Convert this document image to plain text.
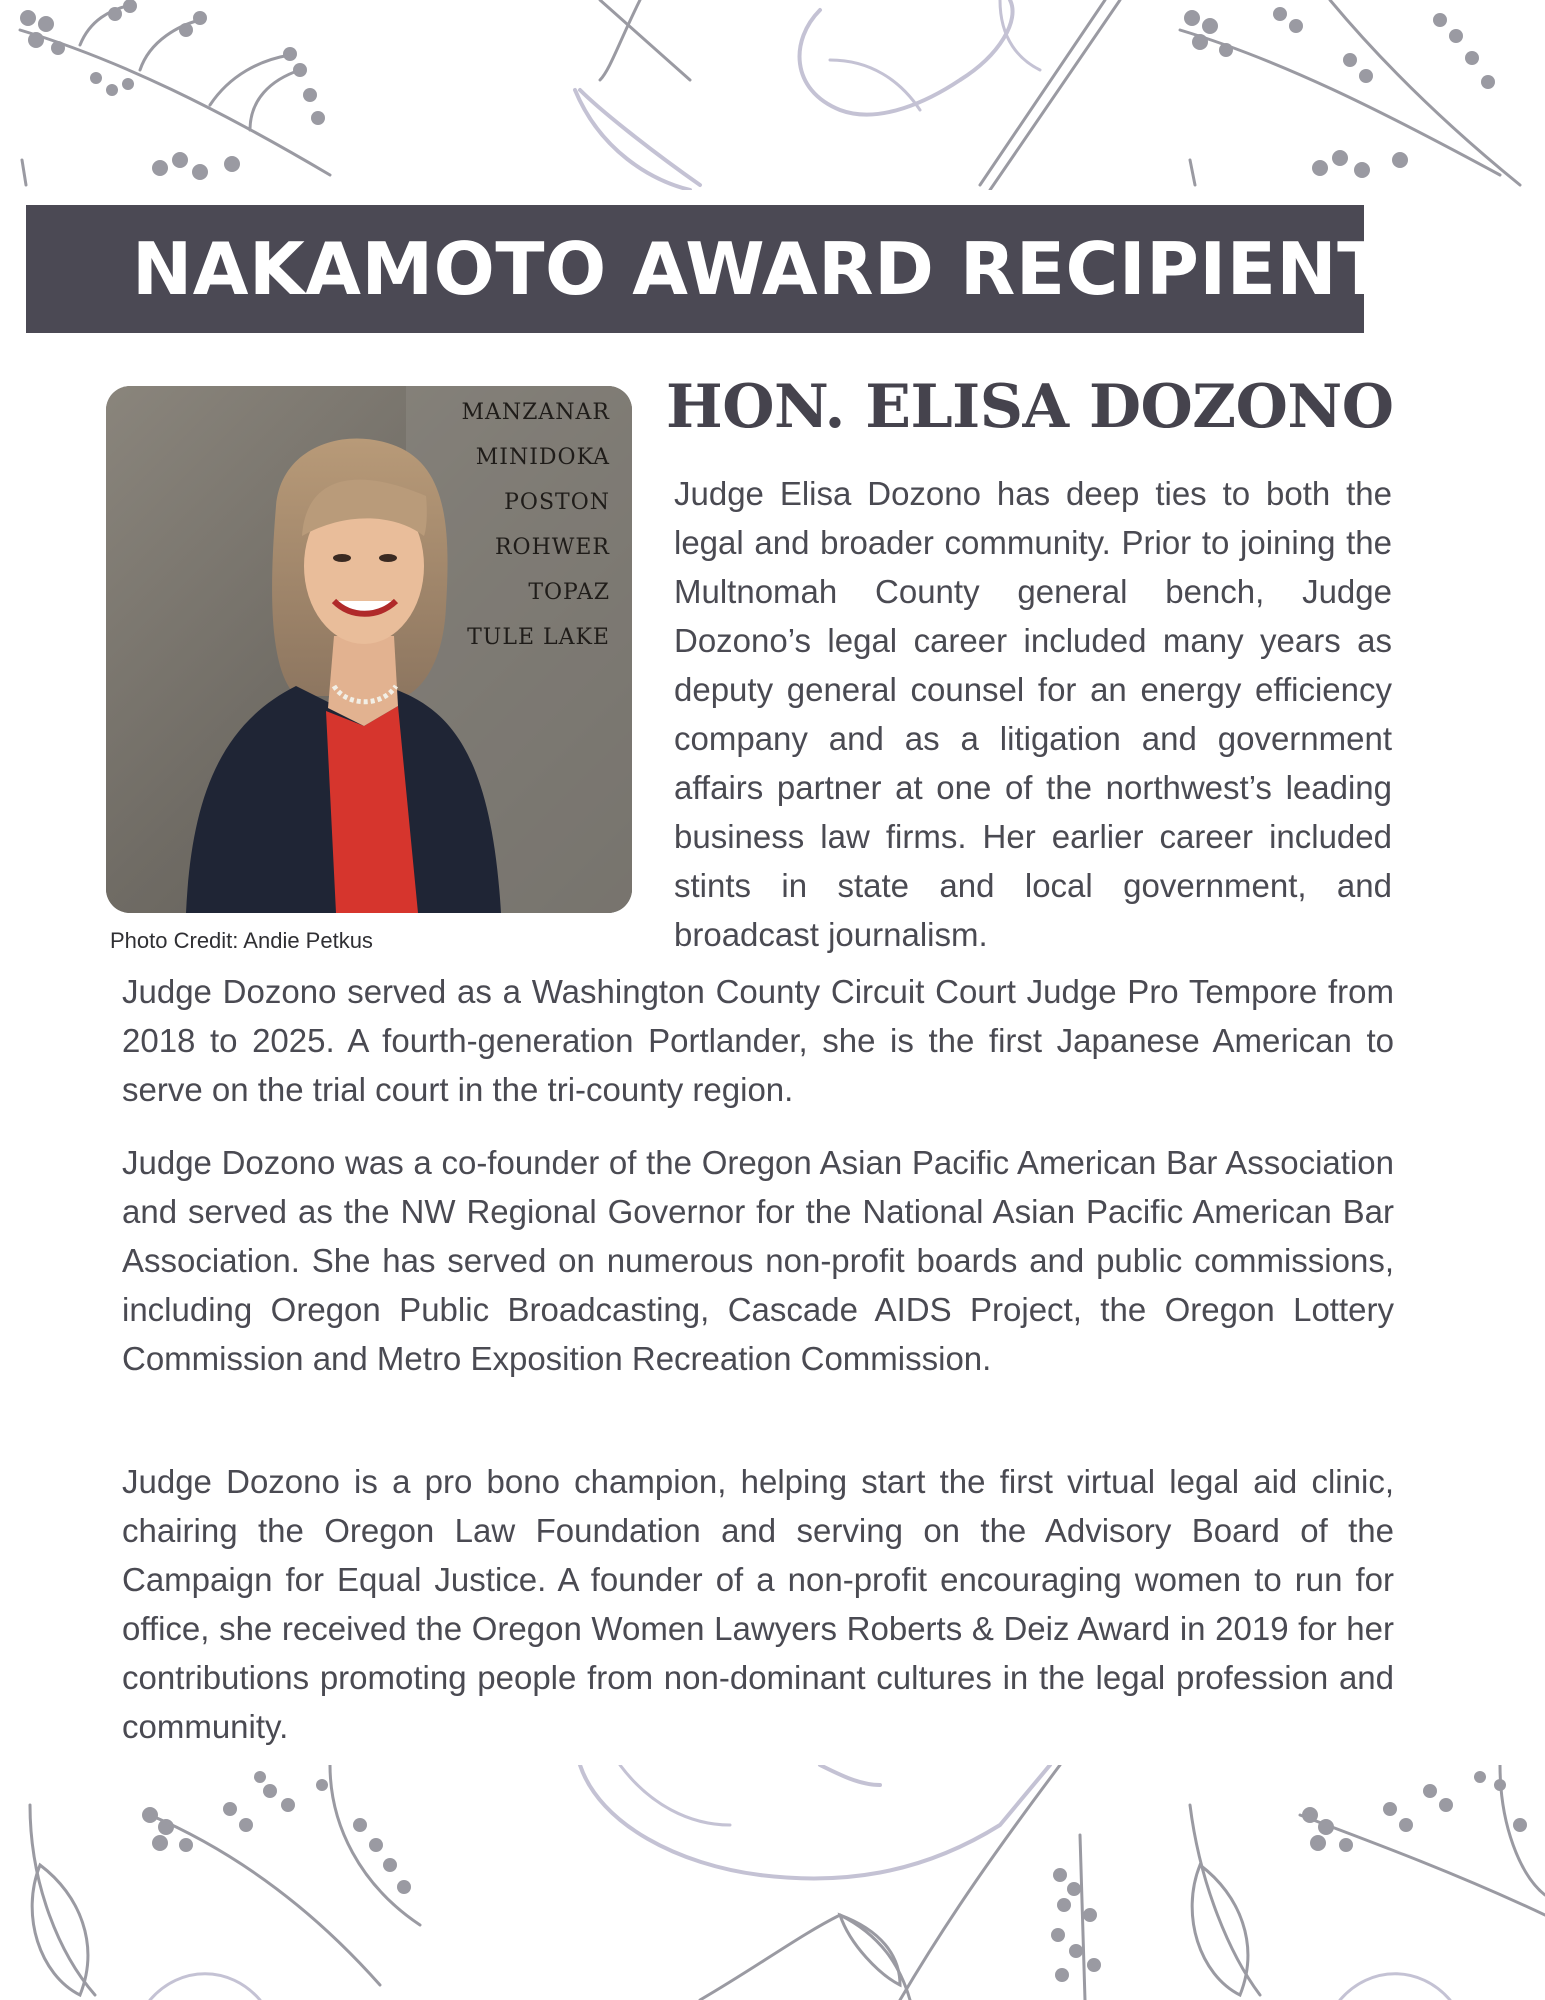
NAKAMOTO AWARD RECIPIENT
MANZANAR
MINIDOKA
POSTON
ROHWER
TOPAZ
TULE LAKE
Photo Credit: Andie Petkus
HON. ELISA DOZONO

Judge Elisa Dozono has deep ties to both the legal and broader community. Prior to joining the Multnomah County general bench, Judge Dozono’s legal career included many years as deputy general counsel for an energy efficiency company and as a litigation and government affairs partner at one of the northwest’s leading business law firms. Her earlier career included stints in state and local government, and broadcast journalism.

Judge Dozono served as a Washington County Circuit Court Judge Pro Tempore from 2018 to 2025. A fourth-generation Portlander, she is the first Japanese American to serve on the trial court in the tri-county region.

Judge Dozono was a co-founder of the Oregon Asian Pacific American Bar Association and served as the NW Regional Governor for the National Asian Pacific American Bar Association. She has served on numerous non-profit boards and public commissions, including Oregon Public Broadcasting, Cascade AIDS Project, the Oregon Lottery Commission and Metro Exposition Recreation Commission.

Judge Dozono is a pro bono champion, helping start the first virtual legal aid clinic, chairing the Oregon Law Foundation and serving on the Advisory Board of the Campaign for Equal Justice. A founder of a non-profit encouraging women to run for office, she received the Oregon Women Lawyers Roberts & Deiz Award in 2019 for her contributions promoting people from non-dominant cultures in the legal profession and community.
